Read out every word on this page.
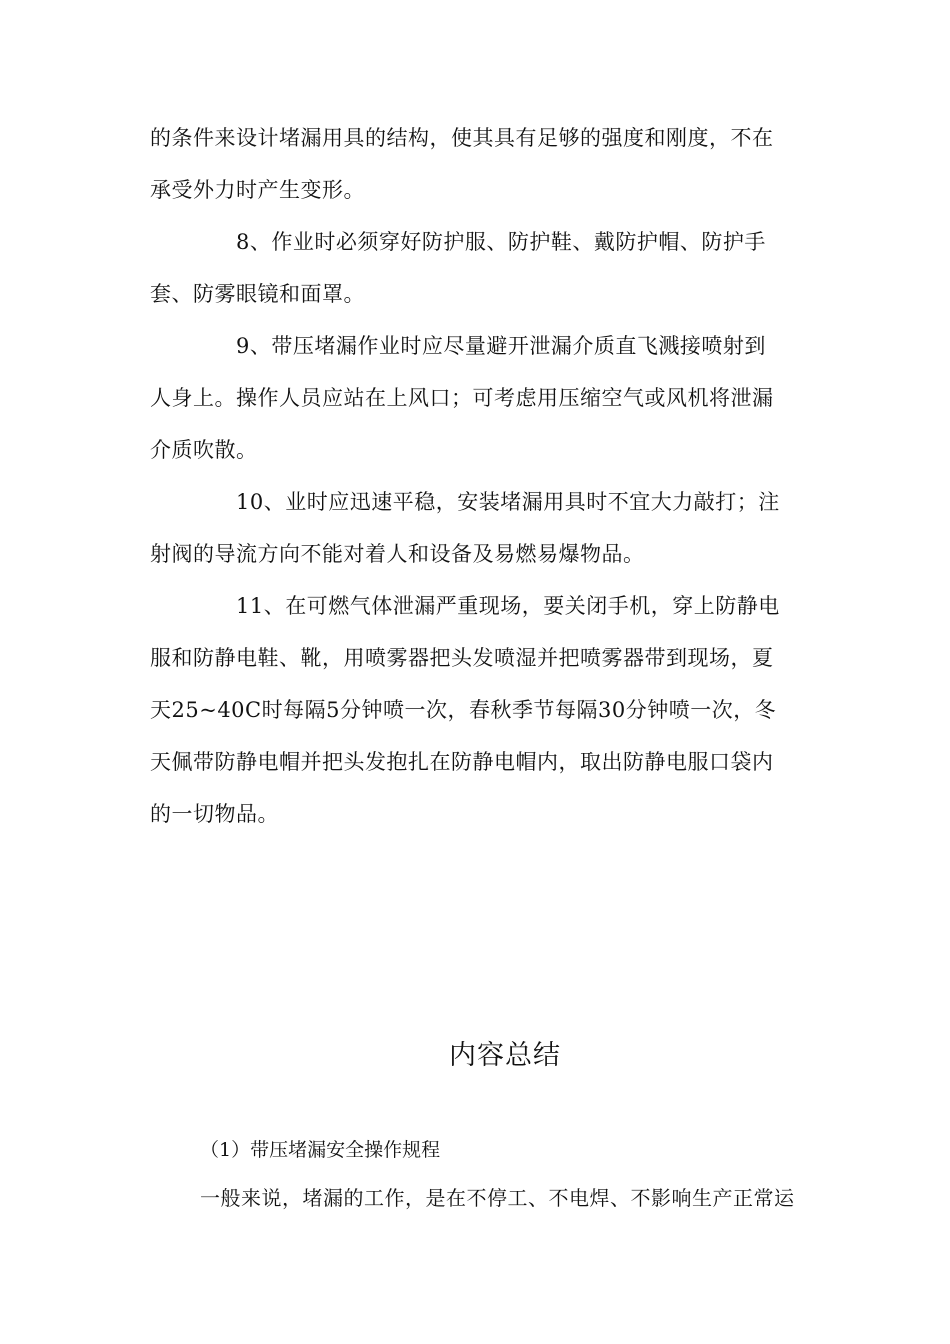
的条件来设计堵漏用具的结构，使其具有足够的强度和刚度，不在
承受外力时产生变形。
8、作业时必须穿好防护服、防护鞋、戴防护帽、防护手
套、防雾眼镜和面罩。
9、带压堵漏作业时应尽量避开泄漏介质直飞溅接喷射到
人身上。操作人员应站在上风口；可考虑用压缩空气或风机将泄漏
介质吹散。
10、业时应迅速平稳，安装堵漏用具时不宜大力敲打；注
射阀的导流方向不能对着人和设备及易燃易爆物品。
11、在可燃气体泄漏严重现场，要关闭手机，穿上防静电
服和防静电鞋、靴，用喷雾器把头发喷湿并把喷雾器带到现场，夏
天25~40C时每隔5分钟喷一次，春秋季节每隔30分钟喷一次，冬
天佩带防静电帽并把头发抱扎在防静电帽内，取出防静电服口袋内
的一切物品。
内容总结
（1）带压堵漏安全操作规程
一般来说，堵漏的工作，是在不停工、不电焊、不影响生产正常运
